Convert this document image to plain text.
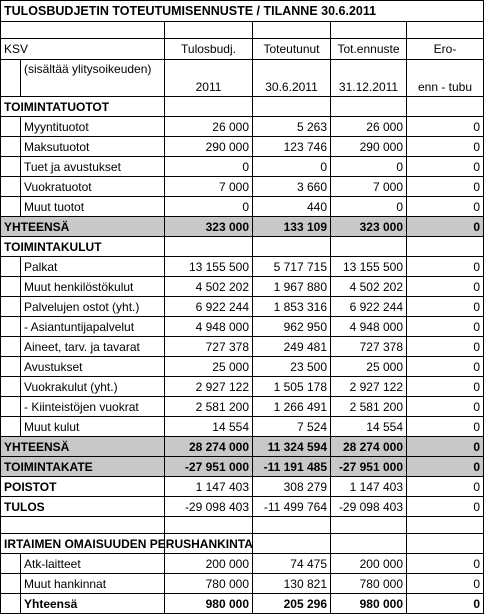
TULOSBUDJETIN TOTEUTUMISENNUSTE / TILANNE 30.6.2011					

KSV		Tulosbudj.	Toteutunut	Tot.ennuste	Ero-
	(sisältää ylitysoikeuden)	2011	30.6.2011	31.12.2011	enn - tubu
TOIMINTATUOTOT					
	Myyntituotot	26 000	5 263	26 000	0
	Maksutuotot	290 000	123 746	290 000	0
	Tuet ja avustukset	0	0	0	0
	Vuokratuotot	7 000	3 660	7 000	0
	Muut tuotot	0	440	0	0
YHTEENSÄ		323 000	133 109	323 000	0
TOIMINTAKULUT					
	Palkat	13 155 500	5 717 715	13 155 500	0
	Muut henkilöstökulut	4 502 202	1 967 880	4 502 202	0
	Palvelujen ostot (yht.)	6 922 244	1 853 316	6 922 244	0
	- Asiantuntijapalvelut	4 948 000	962 950	4 948 000	0
	Aineet, tarv. ja tavarat	727 378	249 481	727 378	0
	Avustukset	25 000	23 500	25 000	0
	Vuokrakulut (yht.)	2 927 122	1 505 178	2 927 122	0
	- Kiinteistöjen vuokrat	2 581 200	1 266 491	2 581 200	0
	Muut kulut	14 554	7 524	14 554	0
YHTEENSÄ		28 274 000	11 324 594	28 274 000	0
TOIMINTAKATE		-27 951 000	-11 191 485	-27 951 000	0
POISTOT		1 147 403	308 279	1 147 403	0
TULOS		-29 098 403	-11 499 764	-29 098 403	0

IRTAIMEN OMAISUUDEN PERUSHANKINTA					
	Atk-laitteet	200 000	74 475	200 000	0
	Muut hankinnat	780 000	130 821	780 000	0
	Yhteensä	980 000	205 296	980 000	0
